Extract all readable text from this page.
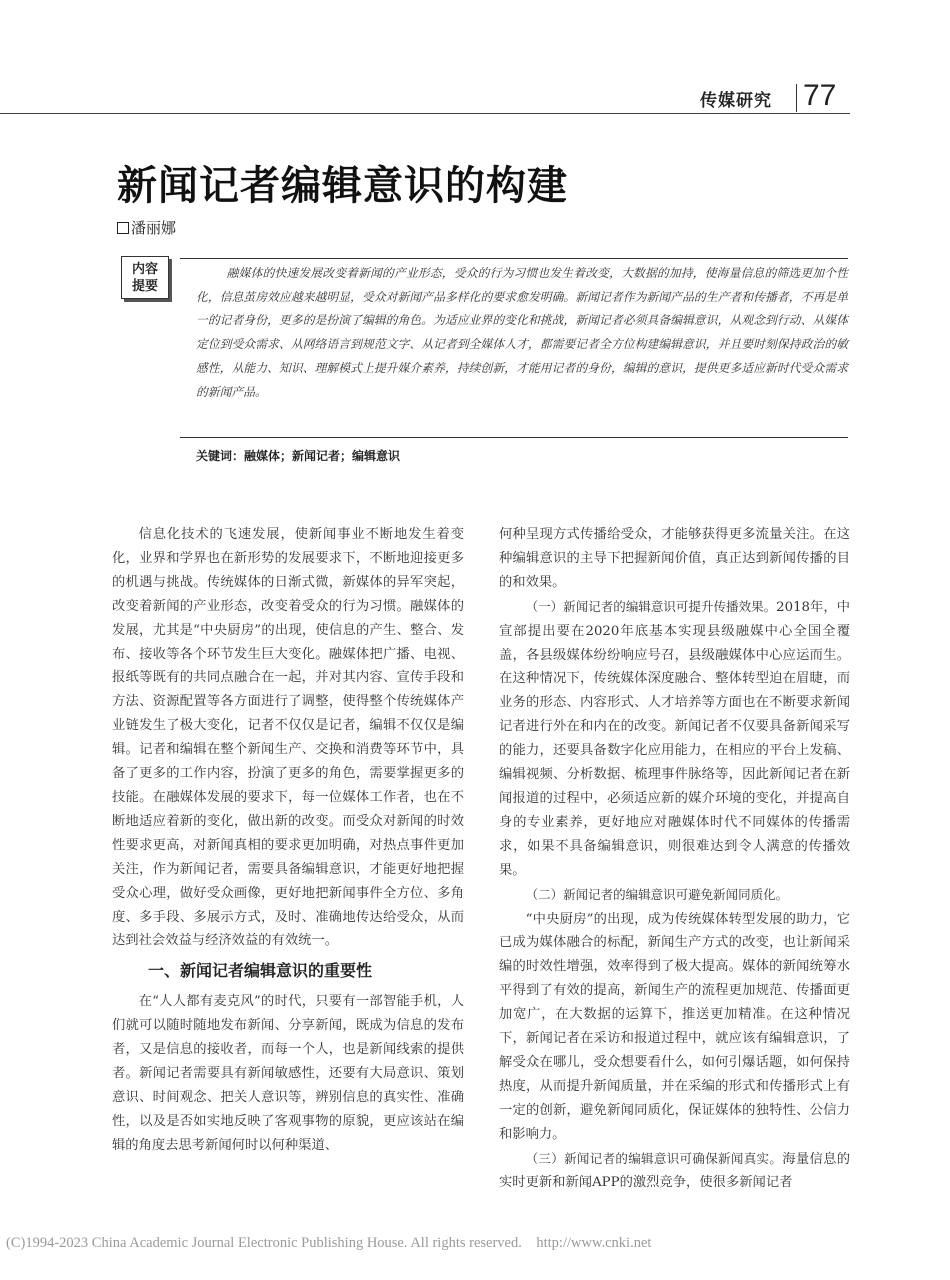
传媒研究 77
新闻记者编辑意识的构建
潘丽娜
内容
提要
融媒体的快速发展改变着新闻的产业形态，受众的行为习惯也发生着改变，大数据的加持，使海量信息的筛选更加个性化，信息茧房效应越来越明显，受众对新闻产品多样化的要求愈发明确。新闻记者作为新闻产品的生产者和传播者，不再是单一的记者身份，更多的是扮演了编辑的角色。为适应业界的变化和挑战，新闻记者必须具备编辑意识，从观念到行动、从媒体定位到受众需求、从网络语言到规范文字、从记者到全媒体人才，都需要记者全方位构建编辑意识，并且要时刻保持政治的敏感性，从能力、知识、理解模式上提升媒介素养，持续创新，才能用记者的身份，编辑的意识，提供更多适应新时代受众需求的新闻产品。
关键词：融媒体；新闻记者；编辑意识

信息化技术的飞速发展，使新闻事业不断地发生着变化，业界和学界也在新形势的发展要求下，不断地迎接更多的机遇与挑战。传统媒体的日渐式微，新媒体的异军突起，改变着新闻的产业形态，改变着受众的行为习惯。融媒体的发展，尤其是“中央厨房”的出现，使信息的产生、整合、发布、接收等各个环节发生巨大变化。融媒体把广播、电视、报纸等既有的共同点融合在一起，并对其内容、宣传手段和方法、资源配置等各方面进行了调整，使得整个传统媒体产业链发生了极大变化，记者不仅仅是记者，编辑不仅仅是编辑。记者和编辑在整个新闻生产、交换和消费等环节中，具备了更多的工作内容，扮演了更多的角色，需要掌握更多的技能。在融媒体发展的要求下，每一位媒体工作者，也在不断地适应着新的变化，做出新的改变。而受众对新闻的时效性要求更高，对新闻真相的要求更加明确，对热点事件更加关注，作为新闻记者，需要具备编辑意识，才能更好地把握受众心理，做好受众画像，更好地把新闻事件全方位、多角度、多手段、多展示方式，及时、准确地传达给受众，从而达到社会效益与经济效益的有效统一。

一、新闻记者编辑意识的重要性

在“人人都有麦克风”的时代，只要有一部智能手机，人们就可以随时随地发布新闻、分享新闻，既成为信息的发布者，又是信息的接收者，而每一个人，也是新闻线索的提供者。新闻记者需要具有新闻敏感性，还要有大局意识、策划意识、时间观念、把关人意识等，辨别信息的真实性、准确性，以及是否如实地反映了客观事物的原貌，更应该站在编辑的角度去思考新闻何时以何种渠道、

何种呈现方式传播给受众，才能够获得更多流量关注。在这种编辑意识的主导下把握新闻价值，真正达到新闻传播的目的和效果。

（一）新闻记者的编辑意识可提升传播效果。2018年，中宣部提出要在2020年底基本实现县级融媒中心全国全覆盖，各县级媒体纷纷响应号召，县级融媒体中心应运而生。在这种情况下，传统媒体深度融合、整体转型迫在眉睫，而业务的形态、内容形式、人才培养等方面也在不断要求新闻记者进行外在和内在的改变。新闻记者不仅要具备新闻采写的能力，还要具备数字化应用能力，在相应的平台上发稿、编辑视频、分析数据、梳理事件脉络等，因此新闻记者在新闻报道的过程中，必须适应新的媒介环境的变化，并提高自身的专业素养，更好地应对融媒体时代不同媒体的传播需求，如果不具备编辑意识，则很难达到令人满意的传播效果。

（二）新闻记者的编辑意识可避免新闻同质化。

“中央厨房”的出现，成为传统媒体转型发展的助力，它已成为媒体融合的标配，新闻生产方式的改变，也让新闻采编的时效性增强，效率得到了极大提高。媒体的新闻统筹水平得到了有效的提高，新闻生产的流程更加规范、传播面更加宽广，在大数据的运算下，推送更加精准。在这种情况下，新闻记者在采访和报道过程中，就应该有编辑意识，了解受众在哪儿，受众想要看什么，如何引爆话题，如何保持热度，从而提升新闻质量，并在采编的形式和传播形式上有一定的创新，避免新闻同质化，保证媒体的独特性、公信力和影响力。

（三）新闻记者的编辑意识可确保新闻真实。海量信息的实时更新和新闻APP的激烈竞争，使很多新闻记者

(C)1994-2023 China Academic Journal Electronic Publishing House. All rights reserved.    http://www.cnki.net
